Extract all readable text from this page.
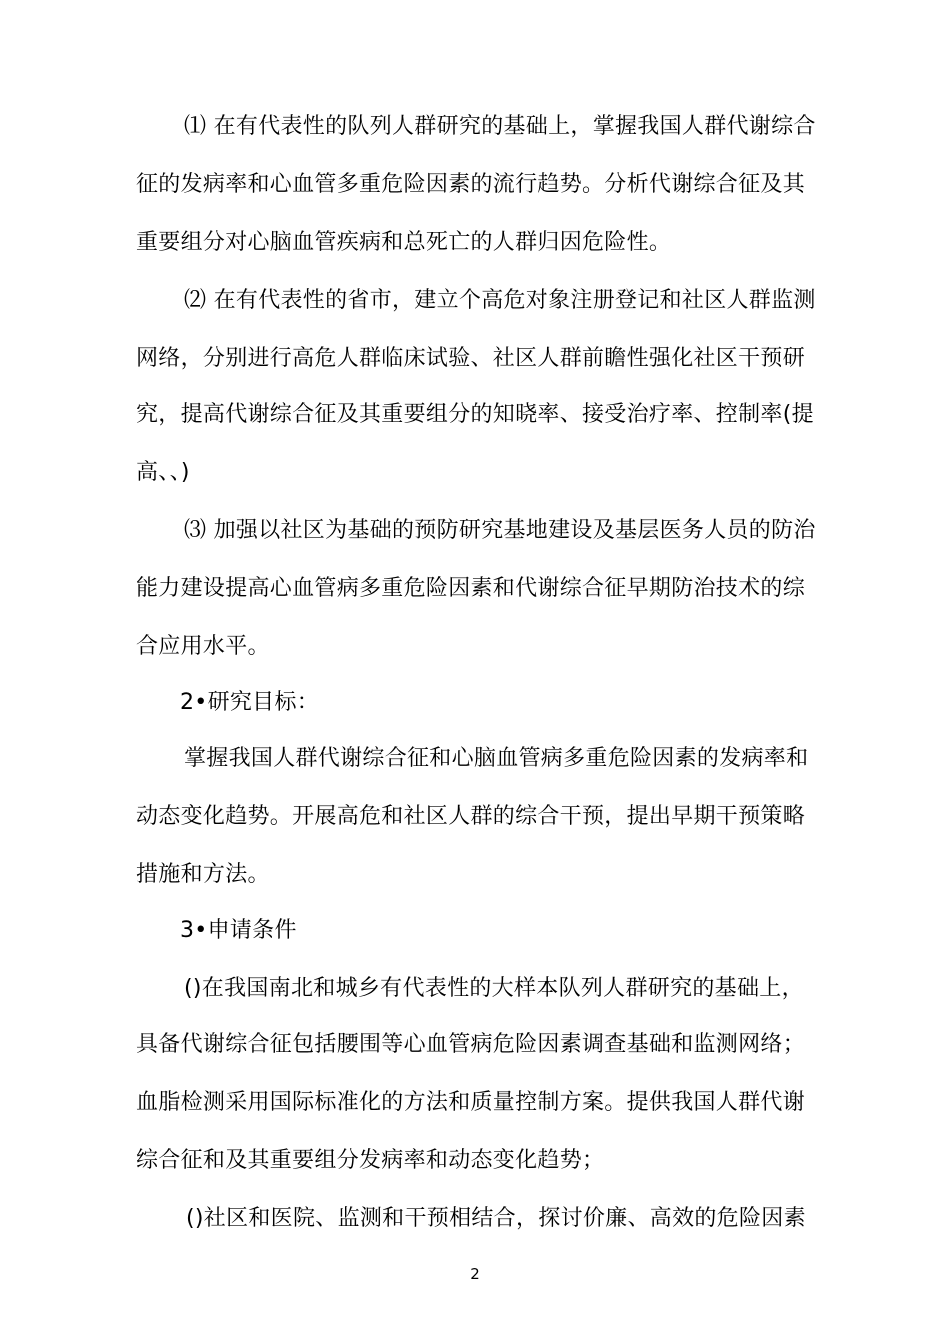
⑴ 在有代表性的队列人群研究的基础上，掌握我国人群代谢综合
征的发病率和心血管多重危险因素的流行趋势。分析代谢综合征及其
重要组分对心脑血管疾病和总死亡的人群归因危险性。
⑵ 在有代表性的省市，建立个高危对象注册登记和社区人群监测
网络，分别进行高危人群临床试验、社区人群前瞻性强化社区干预研
究，提高代谢综合征及其重要组分的知晓率、接受治疗率、控制率(提
高、、)
⑶ 加强以社区为基础的预防研究基地建设及基层医务人员的防治
能力建设提高心血管病多重危险因素和代谢综合征早期防治技术的综
合应用水平。
2•研究目标：
掌握我国人群代谢综合征和心脑血管病多重危险因素的发病率和
动态变化趋势。开展高危和社区人群的综合干预，提出早期干预策略
措施和方法。
3•申请条件
()在我国南北和城乡有代表性的大样本队列人群研究的基础上，
具备代谢综合征包括腰围等心血管病危险因素调查基础和监测网络；
血脂检测采用国际标准化的方法和质量控制方案。提供我国人群代谢
综合征和及其重要组分发病率和动态变化趋势；
()社区和医院、监测和干预相结合，探讨价廉、高效的危险因素
2
